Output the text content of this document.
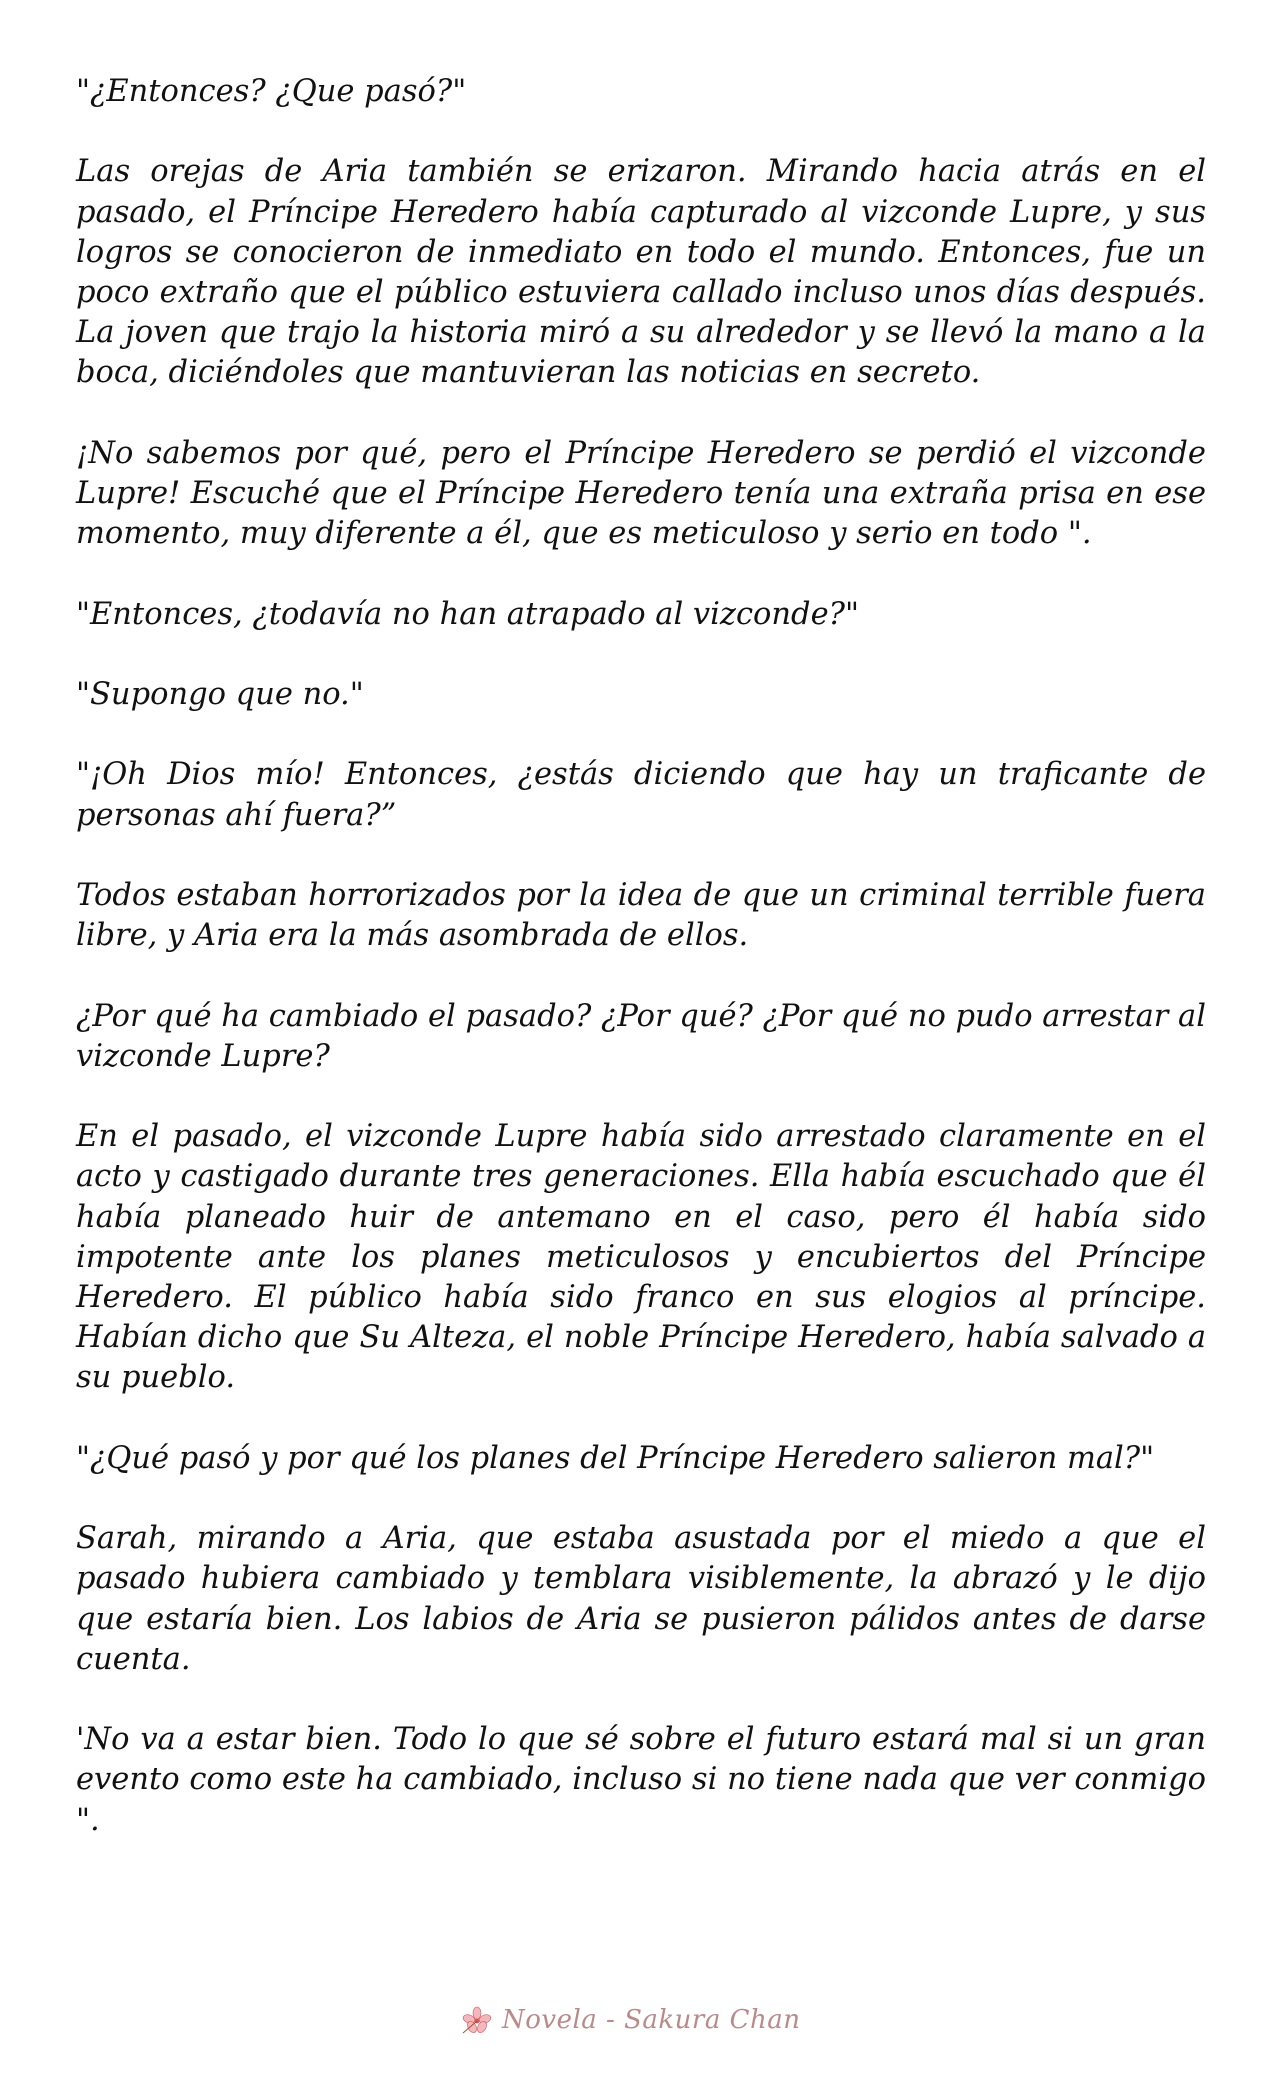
"¿Entonces? ¿Que pasó?"

Las orejas de Aria también se erizaron. Mirando hacia atrás en el pasado, el Príncipe Heredero había capturado al vizconde Lupre, y sus logros se conocieron de inmediato en todo el mundo. Entonces, fue un poco extraño que el público estuviera callado incluso unos días después. La joven que trajo la historia miró a su alrededor y se llevó la mano a la boca, diciéndoles que mantuvieran las noticias en secreto.

¡No sabemos por qué, pero el Príncipe Heredero se perdió el vizconde Lupre! Escuché que el Príncipe Heredero tenía una extraña prisa en ese momento, muy diferente a él, que es meticuloso y serio en todo ".

"Entonces, ¿todavía no han atrapado al vizconde?"

"Supongo que no."

"¡Oh Dios mío! Entonces, ¿estás diciendo que hay un traficante de personas ahí fuera?”

Todos estaban horrorizados por la idea de que un criminal terrible fuera libre, y Aria era la más asombrada de ellos.

¿Por qué ha cambiado el pasado? ¿Por qué? ¿Por qué no pudo arrestar al vizconde Lupre?

En el pasado, el vizconde Lupre había sido arrestado claramente en el acto y castigado durante tres generaciones. Ella había escuchado que él había planeado huir de antemano en el caso, pero él había sido impotente ante los planes meticulosos y encubiertos del Príncipe Heredero. El público había sido franco en sus elogios al príncipe. Habían dicho que Su Alteza, el noble Príncipe Heredero, había salvado a su pueblo.

"¿Qué pasó y por qué los planes del Príncipe Heredero salieron mal?"

Sarah, mirando a Aria, que estaba asustada por el miedo a que el pasado hubiera cambiado y temblara visiblemente, la abrazó y le dijo que estaría bien. Los labios de Aria se pusieron pálidos antes de darse cuenta.

'No va a estar bien. Todo lo que sé sobre el futuro estará mal si un gran evento como este ha cambiado, incluso si no tiene nada que ver conmigo ".

Novela - Sakura Chan
